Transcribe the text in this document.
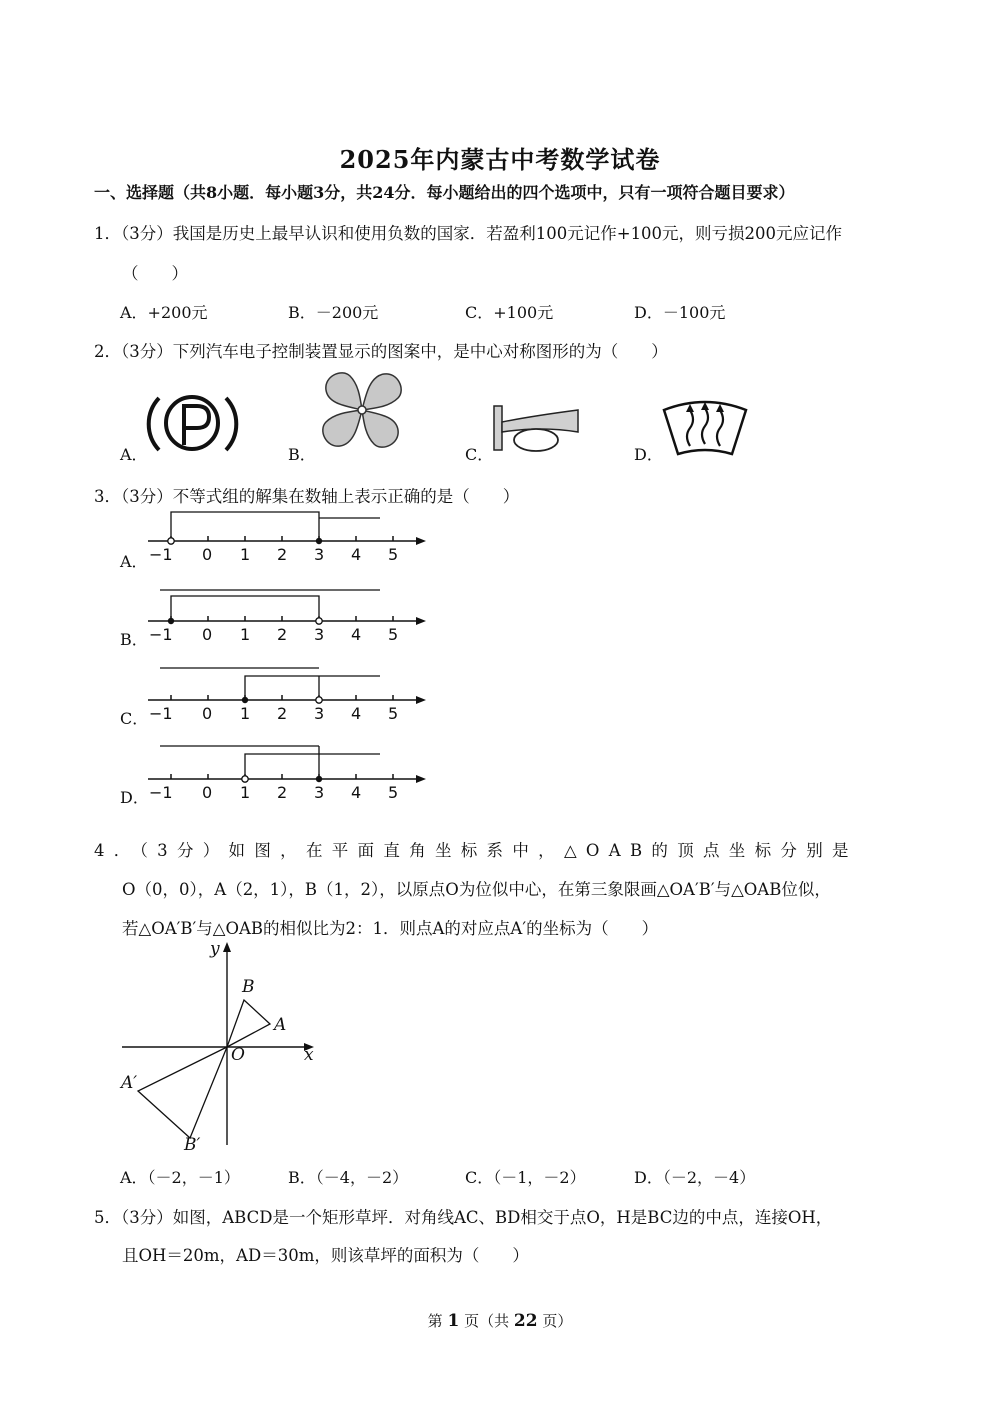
2025年内蒙古中考数学试卷
一、选择题（共8小题．每小题3分，共24分．每小题给出的四个选项中，只有一项符合题目要求）
1．（3分）我国是历史上最早认识和使用负数的国家．若盈利100元记作+100元，则亏损200元应记作
（　　）
A．+200元	B．－200元	C．+100元	D．－100元
2．（3分）下列汽车电子控制装置显示的图案中，是中心对称图形的为（　　）
A．	B．	C．	D．
3．（3分）不等式组的解集在数轴上表示正确的是（　　）
A． −1 0 1 2 3 4 5
B． −1 0 1 2 3 4 5
C． −1 0 1 2 3 4 5
D． −1 0 1 2 3 4 5
4．（3分）如图，在平面直角坐标系中，△OAB的顶点坐标分别是
O（0，0），A（2，1），B（1，2），以原点O为位似中心，在第三象限画△OA′B′与△OAB位似，
若△OA′B′与△OAB的相似比为2：1．则点A的对应点A′的坐标为（　　）
y
x
O
A
B
A′
B′
A．（－2，－1）	B．（－4，－2）	C．（－1，－2）	D．（－2，－4）
5．（3分）如图，ABCD是一个矩形草坪．对角线AC、BD相交于点O，H是BC边的中点，连接OH，
且OH＝20m，AD＝30m，则该草坪的面积为（　　）
第 1 页（共 22 页）
